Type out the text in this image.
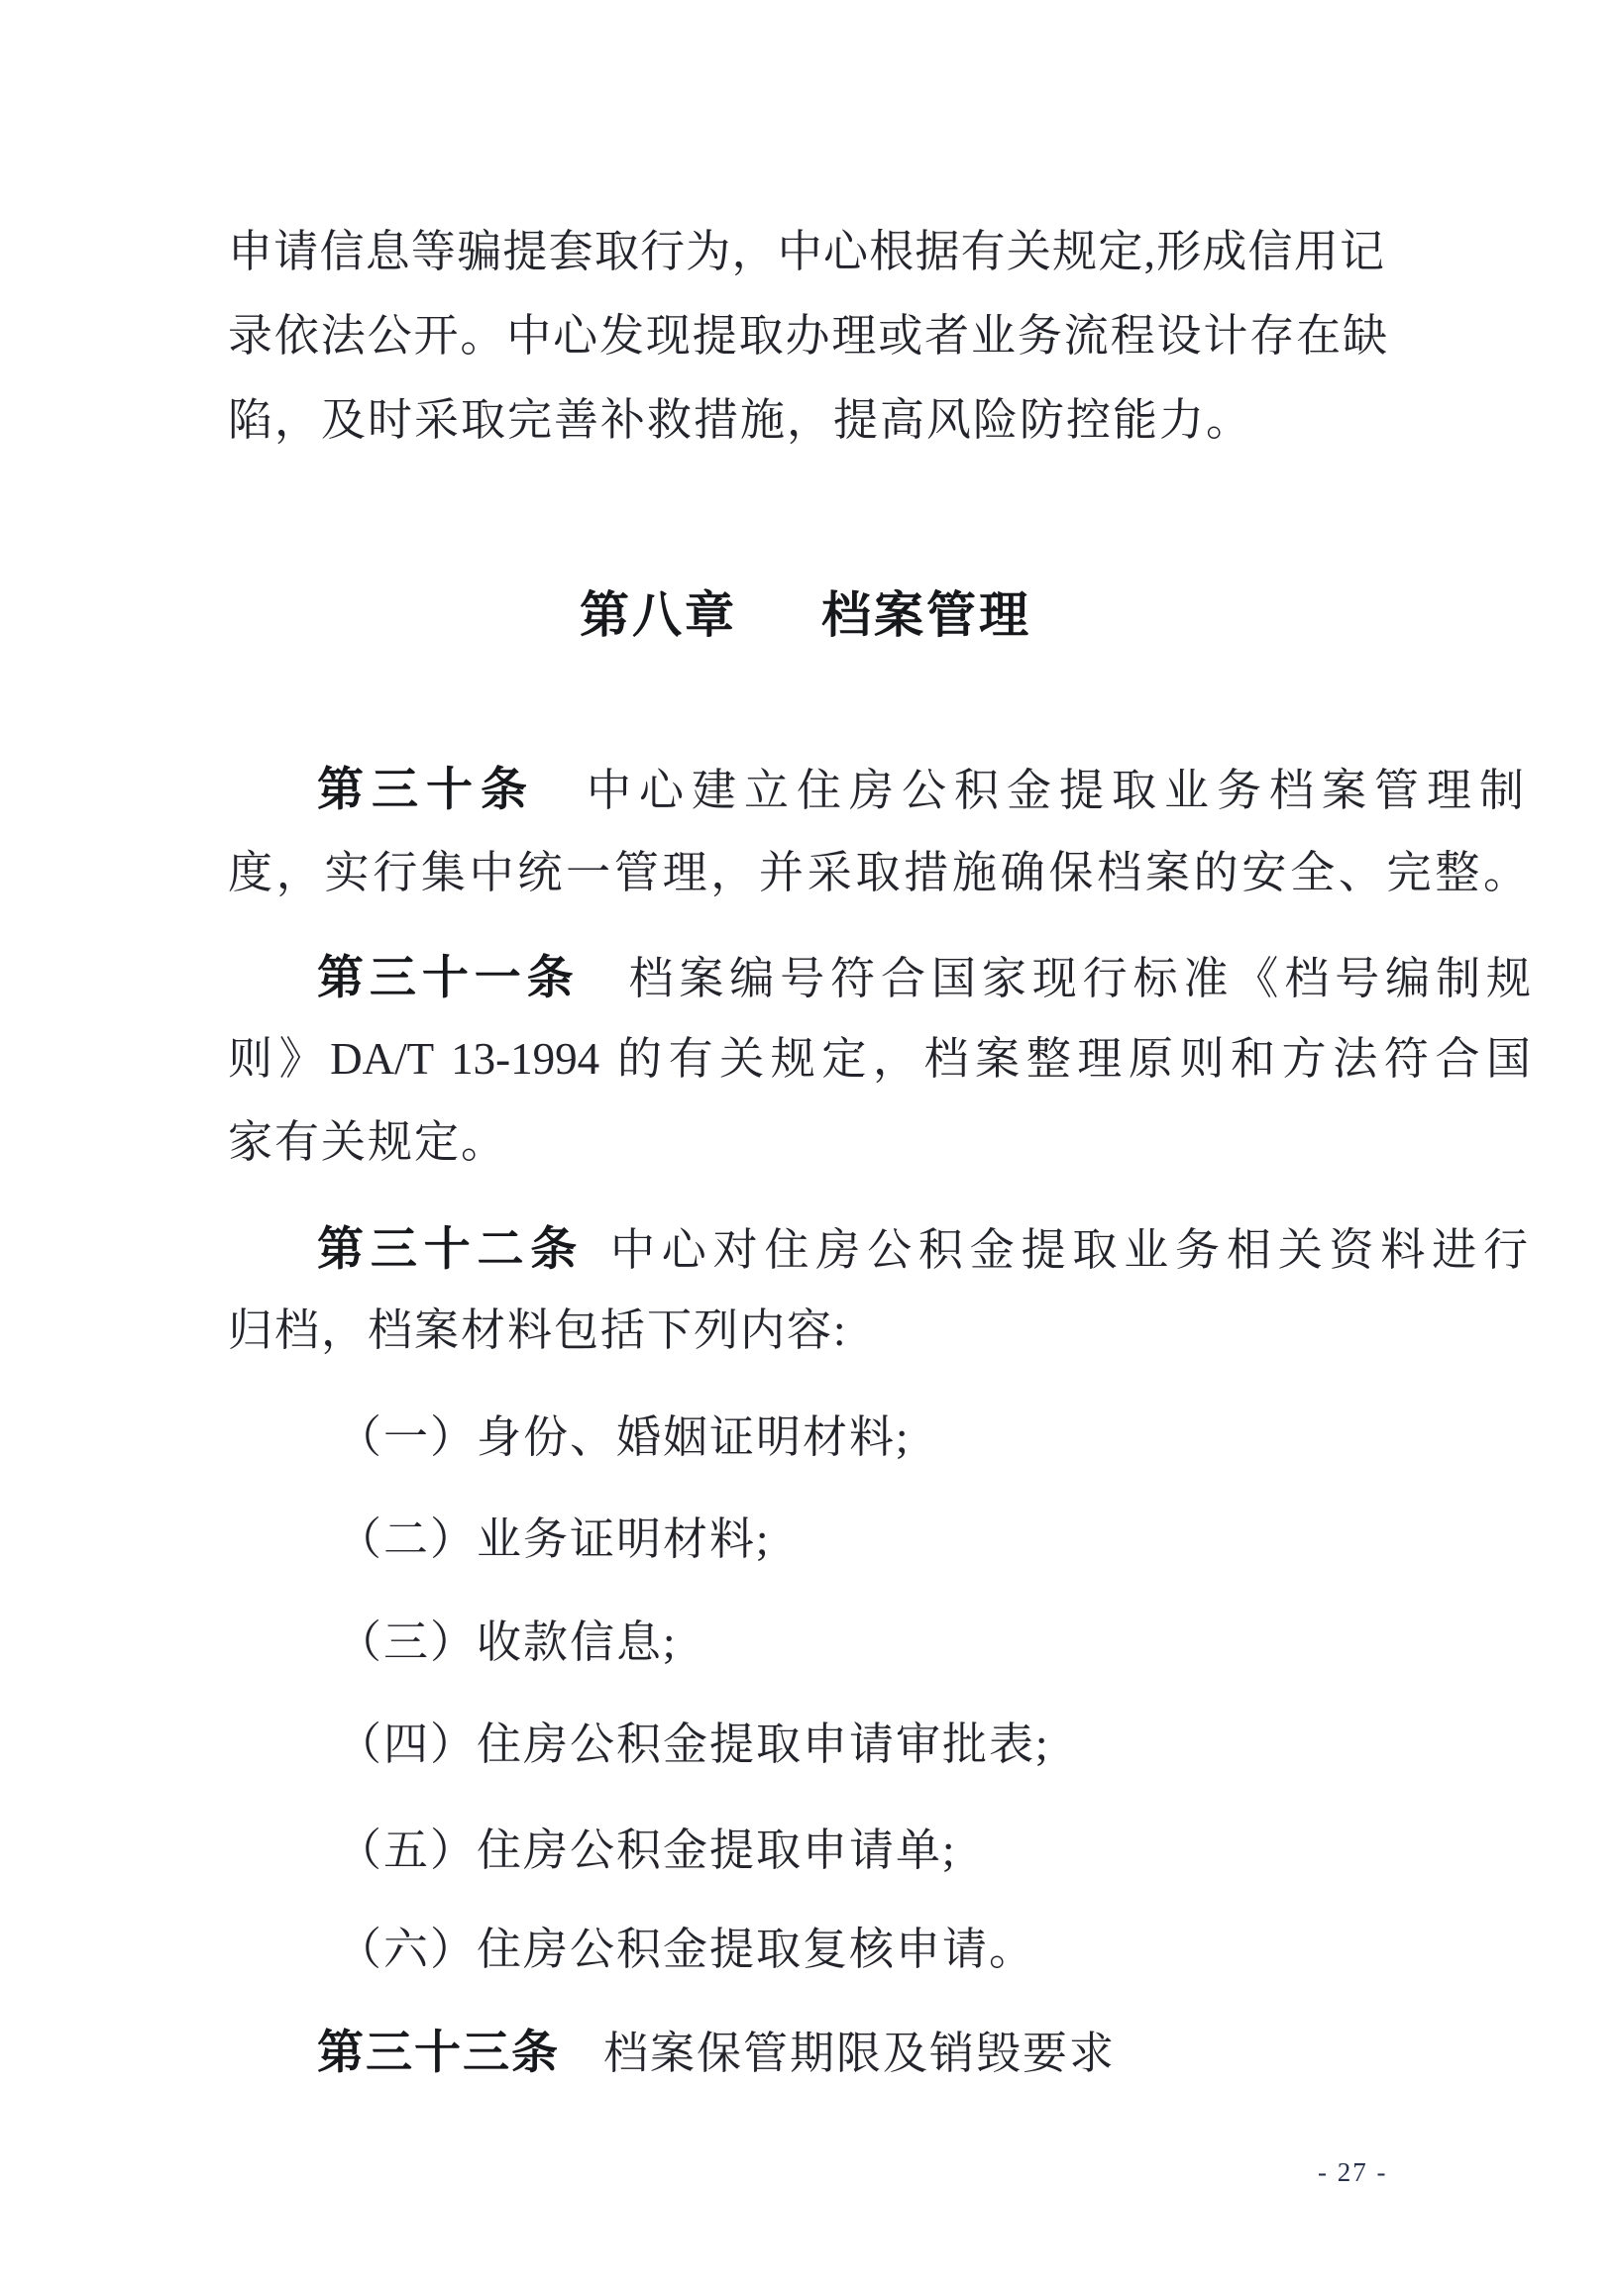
申请信息等骗提套取行为，中心根据有关规定,形成信用记
录依法公开。中心发现提取办理或者业务流程设计存在缺
陷，及时采取完善补救措施，提高风险防控能力。
第八章 档案管理
第三十条 中心建立住房公积金提取业务档案管理制
度，实行集中统一管理，并采取措施确保档案的安全、完整。
第三十一条 档案编号符合国家现行标准《档号编制规
则》DA/T 13-1994 的有关规定，档案整理原则和方法符合国
家有关规定。
第三十二条 中心对住房公积金提取业务相关资料进行
归档，档案材料包括下列内容:
（一）身份、婚姻证明材料;
（二）业务证明材料;
（三）收款信息;
（四）住房公积金提取申请审批表;
（五）住房公积金提取申请单;
（六）住房公积金提取复核申请。
第三十三条 档案保管期限及销毁要求
- 27 -
